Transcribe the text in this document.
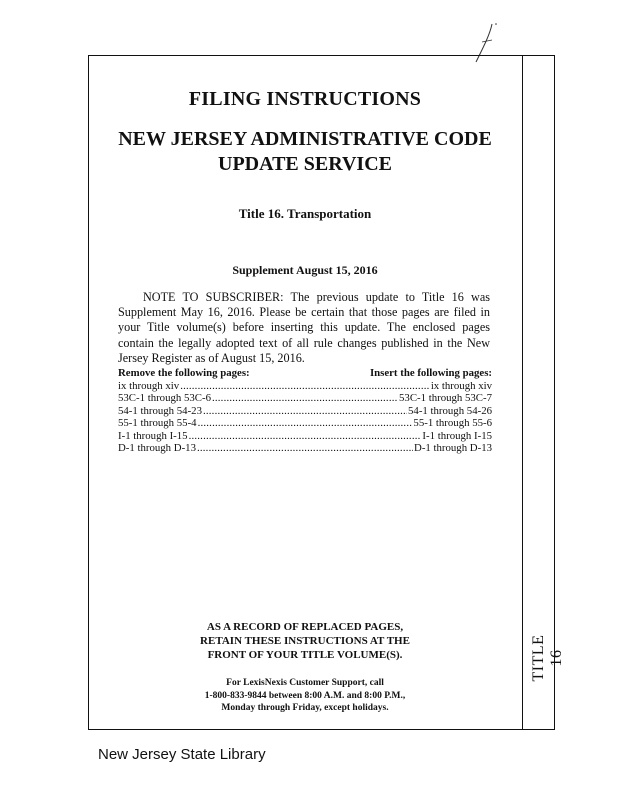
TITLE 16
FILING INSTRUCTIONS
NEW JERSEY ADMINISTRATIVE CODE
UPDATE SERVICE
Title 16. Transportation
Supplement August 15, 2016
NOTE TO SUBSCRIBER: The previous update to Title 16 was Supplement May 16, 2016. Please be certain that those pages are filed in your Title volume(s) before inserting this update. The enclosed pages contain the legally adopted text of all rule changes published in the New Jersey Register as of August 15, 2016.
Remove the following pages:	Insert the following pages:
ix through xiv .....	ix through xiv
53C-1 through 53C-6 .....	53C-1 through 53C-7
54-1 through 54-23 .....	54-1 through 54-26
55-1 through 55-4 .....	55-1 through 55-6
I-1 through I-15 .....	I-1 through I-15
D-1 through D-13 .....	D-1 through D-13
AS A RECORD OF REPLACED PAGES,
RETAIN THESE INSTRUCTIONS AT THE
FRONT OF YOUR TITLE VOLUME(S).
For LexisNexis Customer Support, call
1-800-833-9844 between 8:00 A.M. and 8:00 P.M.,
Monday through Friday, except holidays.
New Jersey State Library
